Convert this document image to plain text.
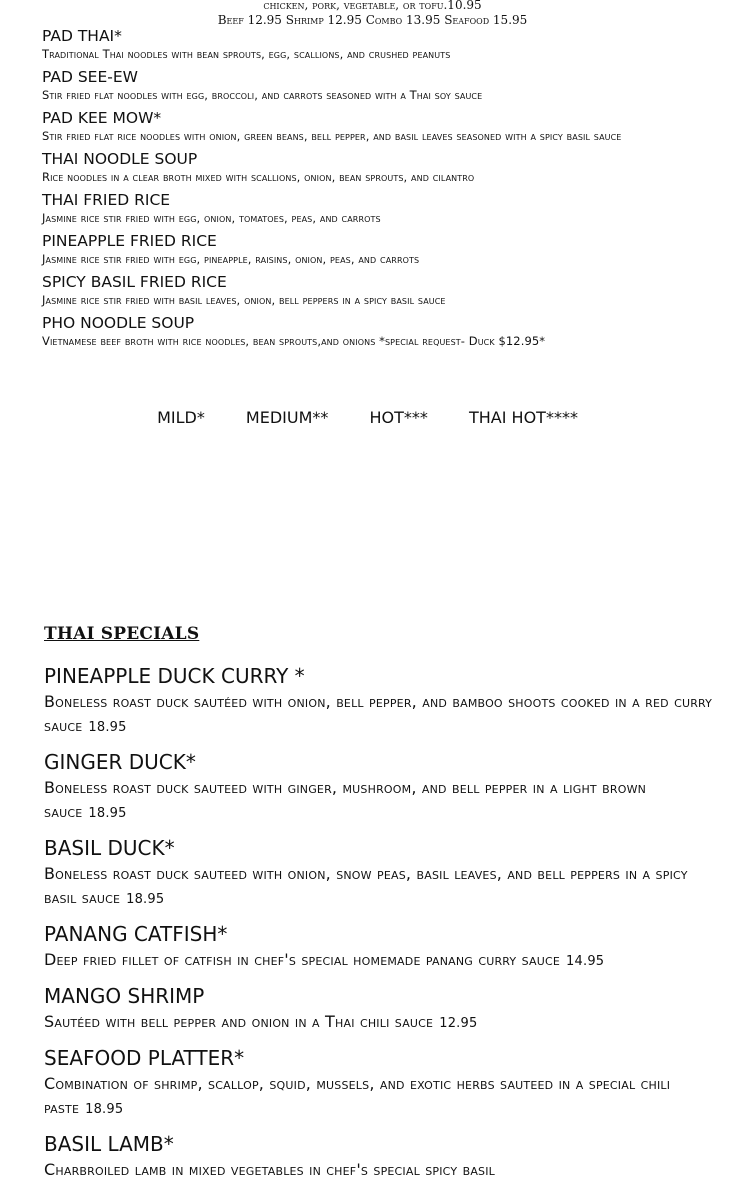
chicken, pork, vegetable, or tofu.10.95
Beef 12.95 Shrimp 12.95 Combo 13.95 Seafood 15.95
PAD THAI*
Traditional Thai noodles with bean sprouts, egg, scallions, and crushed peanuts
PAD SEE-EW
Stir fried flat noodles with egg, broccoli, and carrots seasoned with a Thai soy sauce
PAD KEE MOW*
Stir fried flat rice noodles with onion, green beans, bell pepper, and basil leaves seasoned with a spicy basil sauce
THAI NOODLE SOUP
Rice noodles in a clear broth mixed with scallions, onion, bean sprouts, and cilantro
THAI FRIED RICE
Jasmine rice stir fried with egg, onion, tomatoes, peas, and carrots
PINEAPPLE FRIED RICE
Jasmine rice stir fried with egg, pineapple, raisins, onion, peas, and carrots
SPICY BASIL FRIED RICE
Jasmine rice stir fried with basil leaves, onion, bell peppers in a spicy basil sauce
PHO NOODLE SOUP
Vietnamese beef broth with rice noodles, bean sprouts,and onions *special request- Duck $12.95*
MILD*	MEDIUM**	HOT***	THAI HOT****
THAI SPECIALS
PINEAPPLE DUCK CURRY *
Boneless roast duck sautéed with onion, bell pepper, and bamboo shoots cooked in a red curry sauce 18.95
GINGER DUCK*
Boneless roast duck sauteed with ginger, mushroom, and bell pepper in a light brown sauce 18.95
BASIL DUCK*
Boneless roast duck sauteed with onion, snow peas, basil leaves, and bell peppers in a spicy basil sauce 18.95
PANANG CATFISH*
Deep fried fillet of catfish in chef's special homemade panang curry sauce 14.95
MANGO SHRIMP
Sautéed with bell pepper and onion in a Thai chili sauce 12.95
SEAFOOD PLATTER*
Combination of shrimp, scallop, squid, mussels, and exotic herbs sauteed in a special chili paste 18.95
BASIL LAMB*
Charbroiled lamb in mixed vegetables in chef's special spicy basil
